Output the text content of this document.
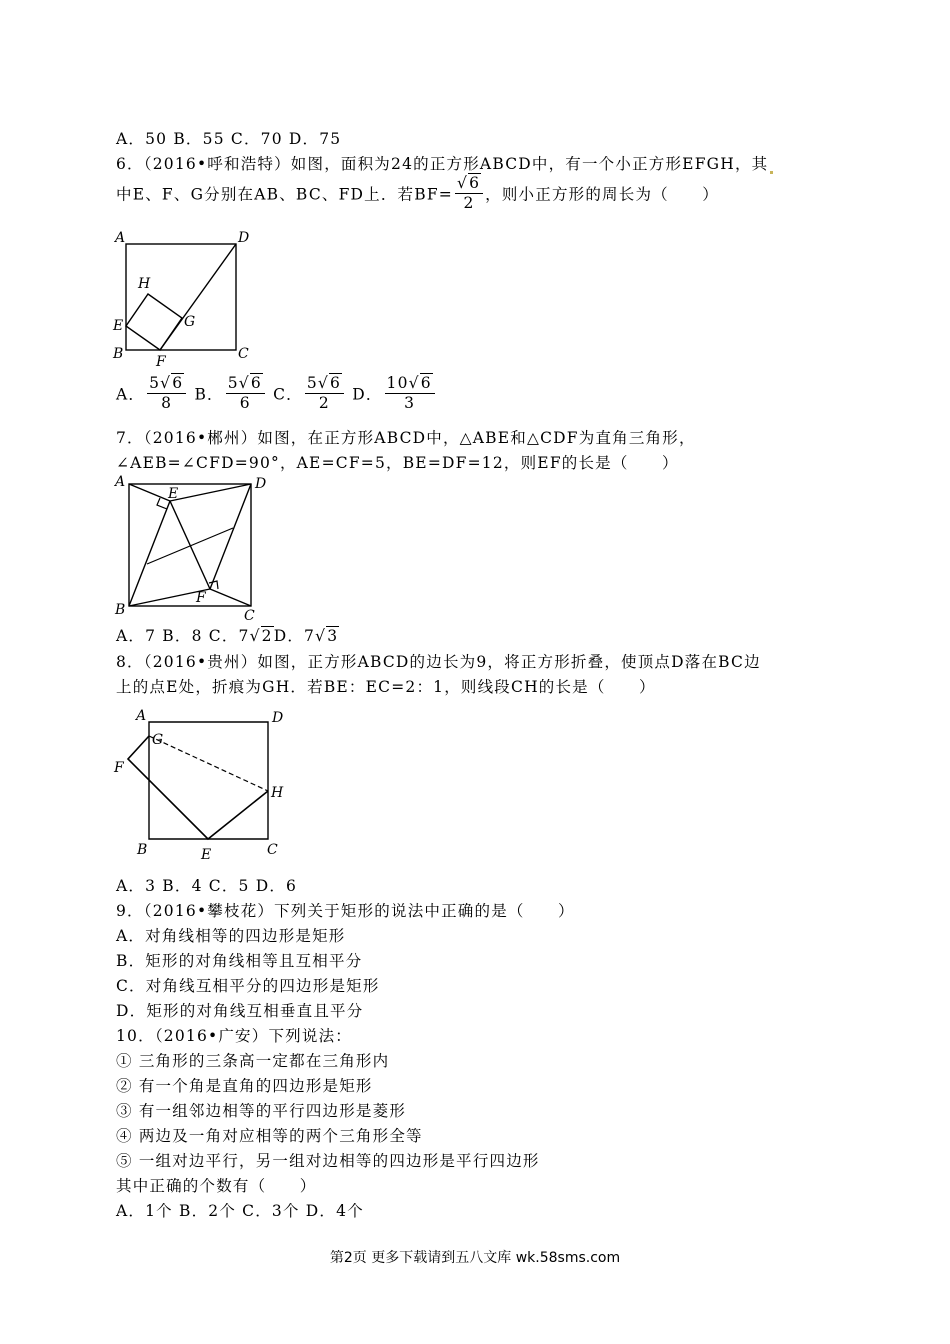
A．50 B．55 C．70 D．75
6．（2016•呼和浩特）如图，面积为24的正方形ABCD中，有一个小正方形EFGH，其
中E、F、G分别在AB、BC、FD上．若$BF= \frac{√6}{2}$ ，则小正方形的周长为（　　）
A	D
H
G
E
B F	C
A． $\frac{5√6}{8}$ B． $\frac{5√6}{6}$ C． $\frac{5√6}{2}$ D． $\frac{10√6}{3}$
7．（2016•郴州）如图，在正方形ABCD中，△ABE和△CDF为直角三角形，
∠AEB=∠CFD=90°，AE=CF=5，BE=DF=12，则EF的长是（　　）
A
E
D
B
F
C
A．7 B．8 C．7√2D．7√3
8．（2016•贵州）如图，正方形ABCD的边长为9，将正方形折叠，使顶点D落在BC边
上的点E处，折痕为GH．若BE：EC=2：1，则线段CH的长是（　　）
A	D
G
F
H
B	E	C
A．3 B．4 C．5 D．6
9．（2016•攀枝花）下列关于矩形的说法中正确的是（　　）
A．对角线相等的四边形是矩形
B．矩形的对角线相等且互相平分
C．对角线互相平分的四边形是矩形
D．矩形的对角线互相垂直且平分
10．（2016•广安）下列说法：
① 三角形的三条高一定都在三角形内
② 有一个角是直角的四边形是矩形
③ 有一组邻边相等的平行四边形是菱形
④ 两边及一角对应相等的两个三角形全等
⑤ 一组对边平行，另一组对边相等的四边形是平行四边形
其中正确的个数有（　　）
A．1个 B．2个 C．3个 D．4个
第2页 更多下载请到五八文库 wk.58sms.com
